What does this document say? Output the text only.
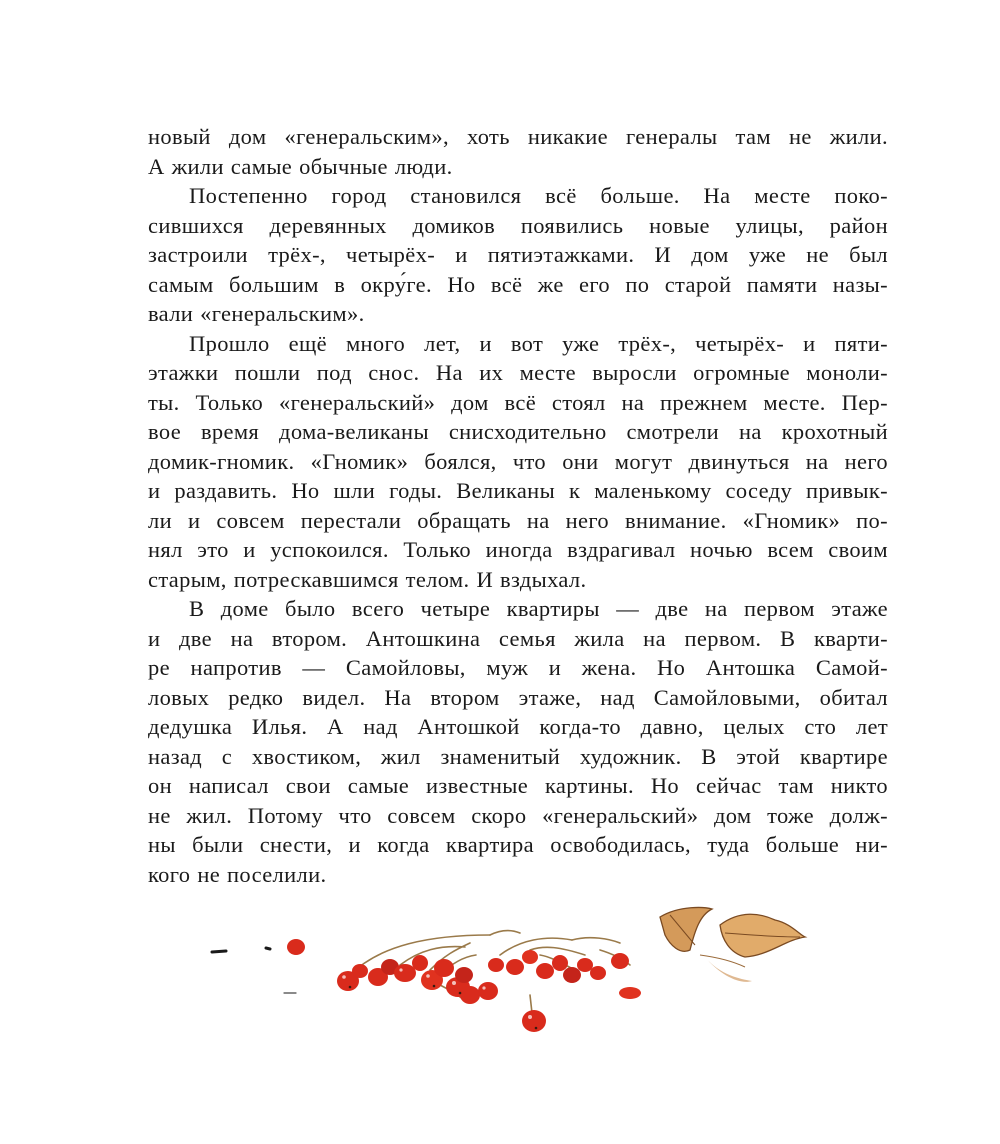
новый дом «генеральским», хоть никакие генералы там не жили.
А жили самые обычные люди.
Постепенно город становился всё больше. На месте поко-
сившихся деревянных домиков появились новые улицы, район
застроили трёх-, четырёх- и пятиэтажками. И дом уже не был
самым большим в окру́ге. Но всё же его по старой памяти назы-
вали «генеральским».
Прошло ещё много лет, и вот уже трёх-, четырёх- и пяти-
этажки пошли под снос. На их месте выросли огромные моноли-
ты. Только «генеральский» дом всё стоял на прежнем месте. Пер-
вое время дома-великаны снисходительно смотрели на крохотный
домик-гномик. «Гномик» боялся, что они могут двинуться на него
и раздавить. Но шли годы. Великаны к маленькому соседу привык-
ли и совсем перестали обращать на него внимание. «Гномик» по-
нял это и успокоился. Только иногда вздрагивал ночью всем своим
старым, потрескавшимся телом. И вздыхал.
В доме было всего четыре квартиры — две на первом этаже
и две на втором. Антошкина семья жила на первом. В кварти-
ре напротив — Самойловы, муж и жена. Но Антошка Самой-
ловых редко видел. На втором этаже, над Самойловыми, обитал
дедушка Илья. А над Антошкой когда-то давно, целых сто лет
назад с хвостиком, жил знаменитый художник. В этой квартире
он написал свои самые известные картины. Но сейчас там никто
не жил. Потому что совсем скоро «генеральский» дом тоже долж-
ны были снести, и когда квартира освободилась, туда больше ни-
кого не поселили.
